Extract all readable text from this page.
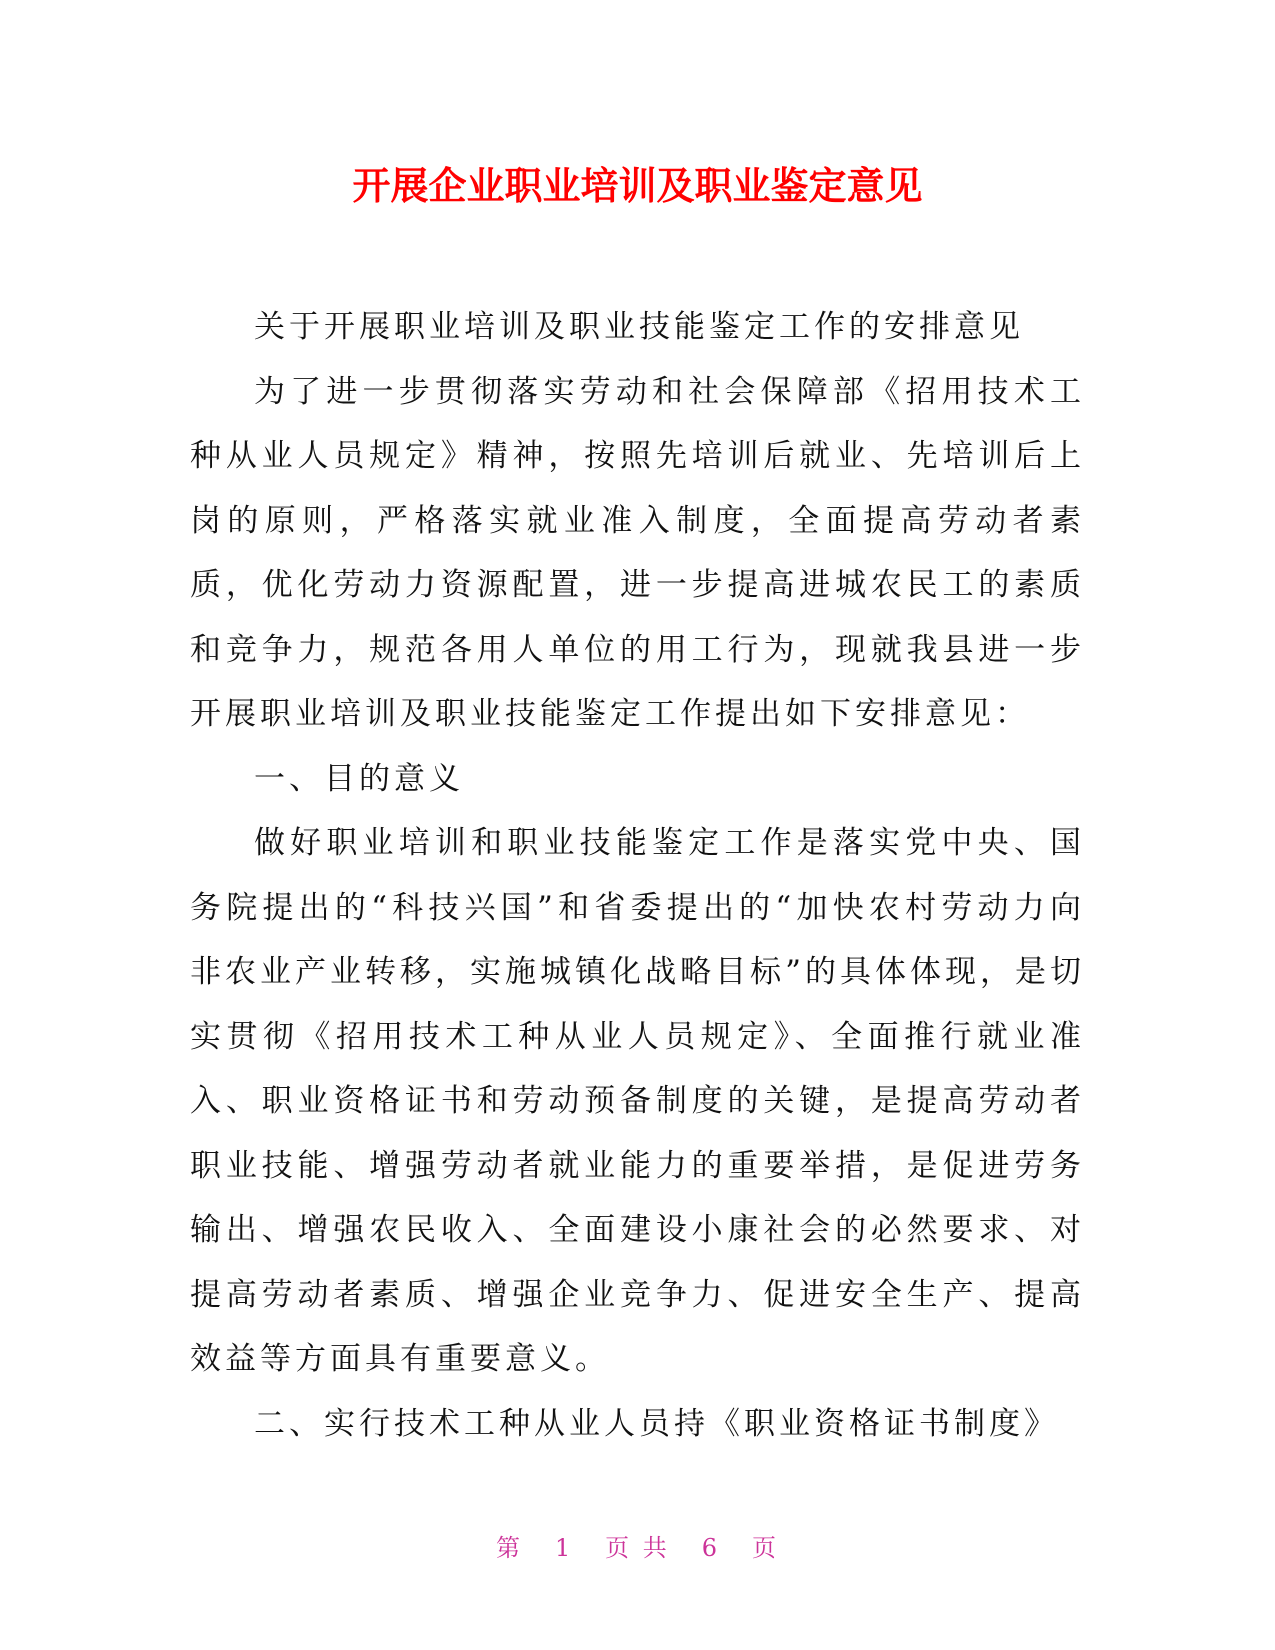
开展企业职业培训及职业鉴定意见

关于开展职业培训及职业技能鉴定工作的安排意见

为了进一步贯彻落实劳动和社会保障部《招用技术工种从业人员规定》精神，按照先培训后就业、先培训后上岗的原则，严格落实就业准入制度，全面提高劳动者素质，优化劳动力资源配置，进一步提高进城农民工的素质和竞争力，规范各用人单位的用工行为，现就我县进一步开展职业培训及职业技能鉴定工作提出如下安排意见：

一、目的意义

做好职业培训和职业技能鉴定工作是落实党中央、国务院提出的“科技兴国”和省委提出的“加快农村劳动力向非农业产业转移，实施城镇化战略目标”的具体体现，是切实贯彻《招用技术工种从业人员规定》、全面推行就业准入、职业资格证书和劳动预备制度的关键，是提高劳动者职业技能、增强劳动者就业能力的重要举措，是促进劳务输出、增强农民收入、全面建设小康社会的必然要求、对提高劳动者素质、增强企业竞争力、促进安全生产、提高效益等方面具有重要意义。

二、实行技术工种从业人员持《职业资格证书制度》

第 1 页 共 6 页
